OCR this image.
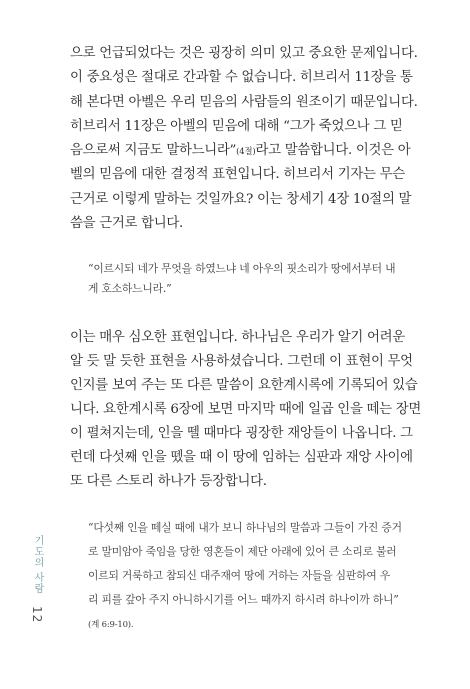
으로 언급되었다는 것은 굉장히 의미 있고 중요한 문제입니다.

이 중요성은 절대로 간과할 수 없습니다. 히브리서 11장을 통

해 본다면 아벨은 우리 믿음의 사람들의 원조이기 때문입니다.

히브리서 11장은 아벨의 믿음에 대해 “그가 죽었으나 그 믿

음으로써 지금도 말하느니라”(4절)라고 말씀합니다. 이것은 아

벨의 믿음에 대한 결정적 표현입니다. 히브리서 기자는 무슨

근거로 이렇게 말하는 것일까요? 이는 창세기 4장 10절의 말

씀을 근거로 합니다.

“이르시되 네가 무엇을 하였느냐 네 아우의 핏소리가 땅에서부터 내

게 호소하느니라.”

이는 매우 심오한 표현입니다. 하나님은 우리가 알기 어려운

알 듯 말 듯한 표현을 사용하셨습니다. 그런데 이 표현이 무엇

인지를 보여 주는 또 다른 말씀이 요한계시록에 기록되어 있습

니다. 요한계시록 6장에 보면 마지막 때에 일곱 인을 떼는 장면

이 펼쳐지는데, 인을 뗄 때마다 굉장한 재앙들이 나옵니다. 그

런데 다섯째 인을 뗐을 때 이 땅에 임하는 심판과 재앙 사이에

또 다른 스토리 하나가 등장합니다.

“다섯째 인을 떼실 때에 내가 보니 하나님의 말씀과 그들이 가진 증거

로 말미암아 죽임을 당한 영혼들이 제단 아래에 있어 큰 소리로 불러

이르되 거룩하고 참되신 대주재여 땅에 거하는 자들을 심판하여 우

리 피를 갚아 주지 아니하시기를 어느 때까지 하시려 하나이까 하니”

(계 6:9-10).

기도의 사람 12
